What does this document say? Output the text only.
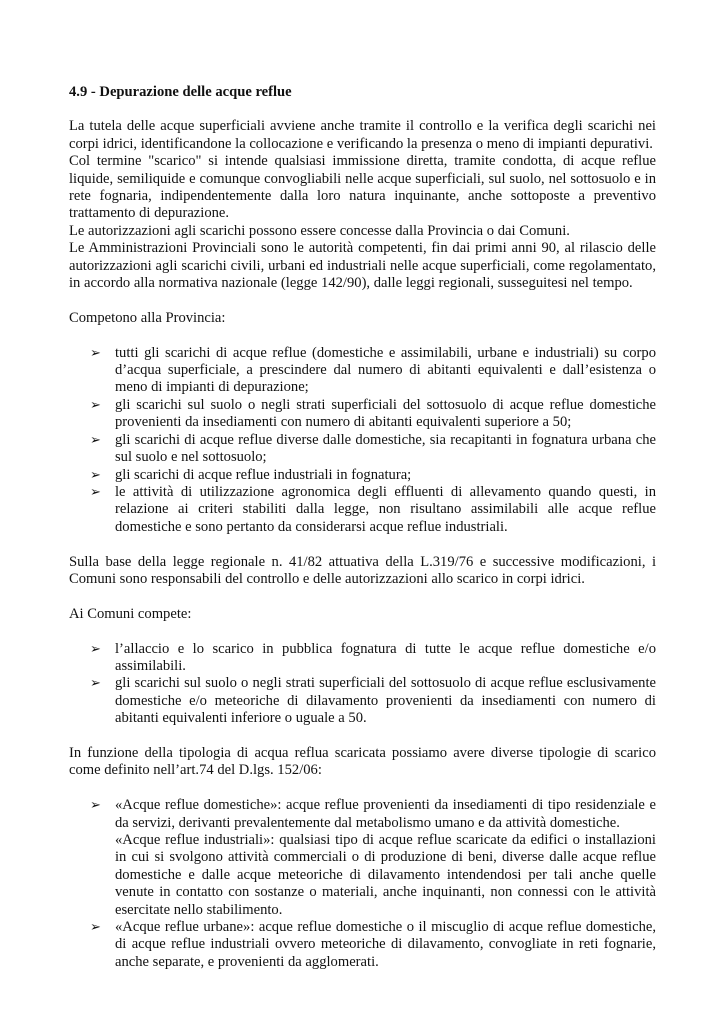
4.9 - Depurazione delle acque reflue

La tutela delle acque superficiali avviene anche tramite il controllo e la verifica degli scarichi nei corpi idrici, identificandone la collocazione e verificando la presenza o meno di impianti depurativi.

Col termine "scarico" si intende qualsiasi immissione diretta, tramite condotta, di acque reflue liquide, semiliquide e comunque convogliabili nelle acque superficiali, sul suolo, nel sottosuolo e in rete fognaria, indipendentemente dalla loro natura inquinante, anche sottoposte a preventivo trattamento di depurazione.

Le autorizzazioni agli scarichi possono essere concesse dalla Provincia o dai Comuni.

Le Amministrazioni Provinciali sono le autorità competenti, fin dai primi anni 90, al rilascio delle autorizzazioni agli scarichi civili, urbani ed industriali nelle acque superficiali, come regolamentato, in accordo alla normativa nazionale (legge 142/90), dalle leggi regionali, susseguitesi nel tempo.

Competono alla Provincia:

➢ tutti gli scarichi di acque reflue (domestiche e assimilabili, urbane e industriali) su corpo d’acqua superficiale, a prescindere dal numero di abitanti equivalenti e dall’esistenza o meno di impianti di depurazione;
➢ gli scarichi sul suolo o negli strati superficiali del sottosuolo di acque reflue domestiche provenienti da insediamenti con numero di abitanti equivalenti superiore a 50;
➢ gli scarichi di acque reflue diverse dalle domestiche, sia recapitanti in fognatura urbana che sul suolo e nel sottosuolo;
➢ gli scarichi di acque reflue industriali in fognatura;
➢ le attività di utilizzazione agronomica degli effluenti di allevamento quando questi, in relazione ai criteri stabiliti dalla legge, non risultano assimilabili alle acque reflue domestiche e sono pertanto da considerarsi acque reflue industriali.

Sulla base della legge regionale n. 41/82 attuativa della L.319/76 e successive modificazioni, i Comuni sono responsabili del controllo e delle autorizzazioni allo scarico in corpi idrici.

Ai Comuni compete:

➢ l’allaccio e lo scarico in pubblica fognatura di tutte le acque reflue domestiche e/o assimilabili.
➢ gli scarichi sul suolo o negli strati superficiali del sottosuolo di acque reflue esclusivamente domestiche e/o meteoriche di dilavamento provenienti da insediamenti con numero di abitanti equivalenti inferiore o uguale a 50.

In funzione della tipologia di acqua reflua scaricata possiamo avere diverse tipologie di scarico come definito nell’art.74 del D.lgs. 152/06:

➢ «Acque reflue domestiche»: acque reflue provenienti da insediamenti di tipo residenziale e da servizi, derivanti prevalentemente dal metabolismo umano e da attività domestiche.
«Acque reflue industriali»: qualsiasi tipo di acque reflue scaricate da edifici o installazioni in cui si svolgono attività commerciali o di produzione di beni, diverse dalle acque reflue domestiche e dalle acque meteoriche di dilavamento intendendosi per tali anche quelle venute in contatto con sostanze o materiali, anche inquinanti, non connessi con le attività esercitate nello stabilimento.
➢ «Acque reflue urbane»: acque reflue domestiche o il miscuglio di acque reflue domestiche, di acque reflue industriali ovvero meteoriche di dilavamento, convogliate in reti fognarie, anche separate, e provenienti da agglomerati.
